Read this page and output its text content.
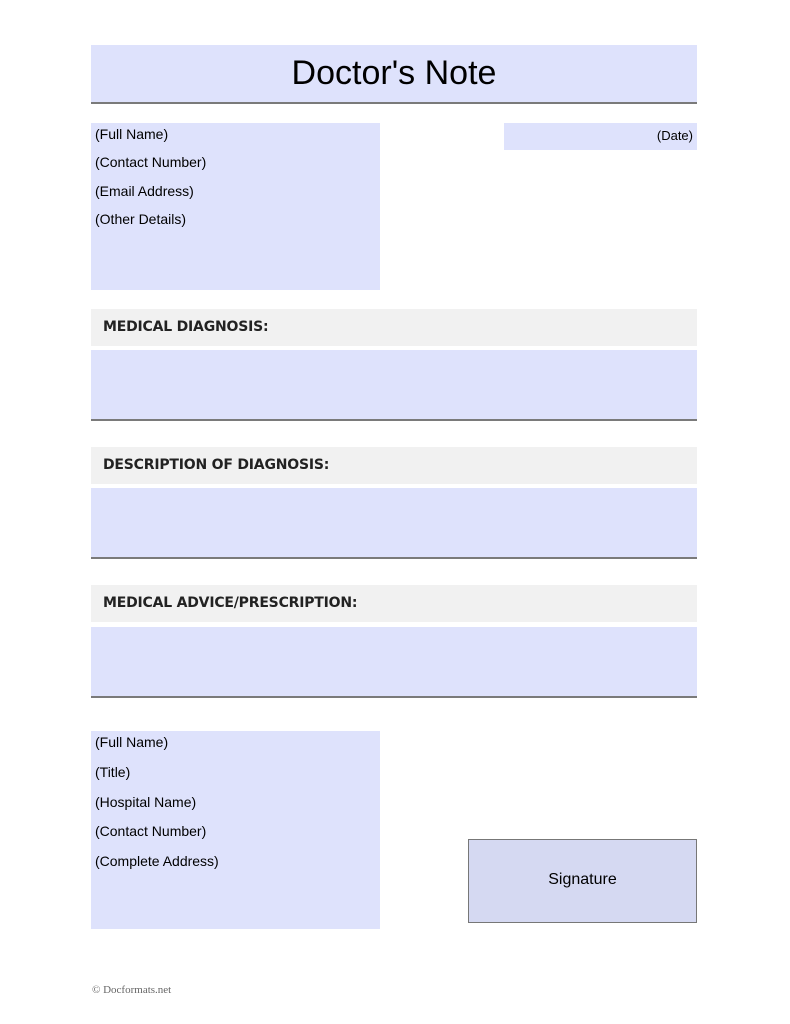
Doctor's Note
(Full Name)
(Contact Number)
(Email Address)
(Other Details)
(Date)
MEDICAL DIAGNOSIS:
DESCRIPTION OF DIAGNOSIS:
MEDICAL ADVICE/PRESCRIPTION:
(Full Name)
(Title)
(Hospital Name)
(Contact Number)
(Complete Address)
Signature
© Docformats.net
